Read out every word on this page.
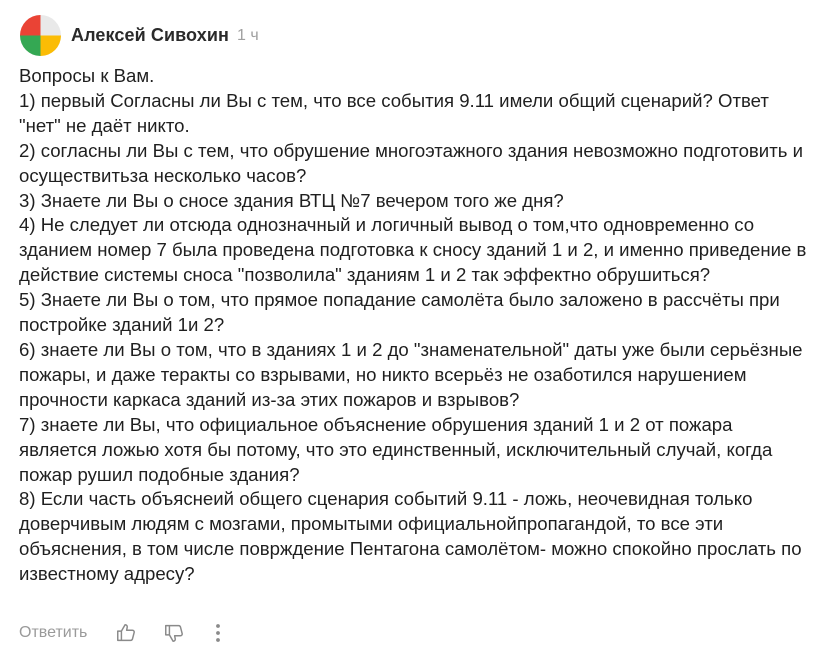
Алексей Сивохин 1 ч

Вопросы к Вам.

1) первый Согласны ли Вы с тем, что все события 9.11 имели общий сценарий? Ответ "нет" не даёт никто.

2) согласны ли Вы с тем, что обрушение многоэтажного здания невозможно подготовить и осуществитьза несколько часов?

3) Знаете ли Вы о сносе здания ВТЦ №7 вечером того же дня?

4) Не следует ли отсюда однозначный и логичный вывод о том,что одновременно со зданием номер 7 была проведена подготовка к сносу зданий 1 и 2, и именно приведение в действие системы сноса "позволила" зданиям 1 и 2 так эффектно обрушиться?

5) Знаете ли Вы о том, что прямое попадание самолёта было заложено в рассчёты при постройке зданий 1и 2?

6) знаете ли Вы о том, что в зданиях 1 и 2 до "знаменательной" даты уже были серьёзные пожары, и даже теракты со взрывами, но никто всерьёз не озаботился нарушением прочности каркаса зданий из-за этих пожаров и взрывов?

7) знаете ли Вы, что официальное объяснение обрушения зданий 1 и 2 от пожара является ложью хотя бы потому, что это единственный, исключительный случай, когда пожар рушил подобные здания?

8) Если часть объяснеий общего сценария событий 9.11 - ложь, неочевидная только доверчивым людям с мозгами, промытыми официальнойпропагандой, то все эти объяснения, в том числе поврждение Пентагона самолётом- можно спокойно прослать по известному адресу?

Ответить
